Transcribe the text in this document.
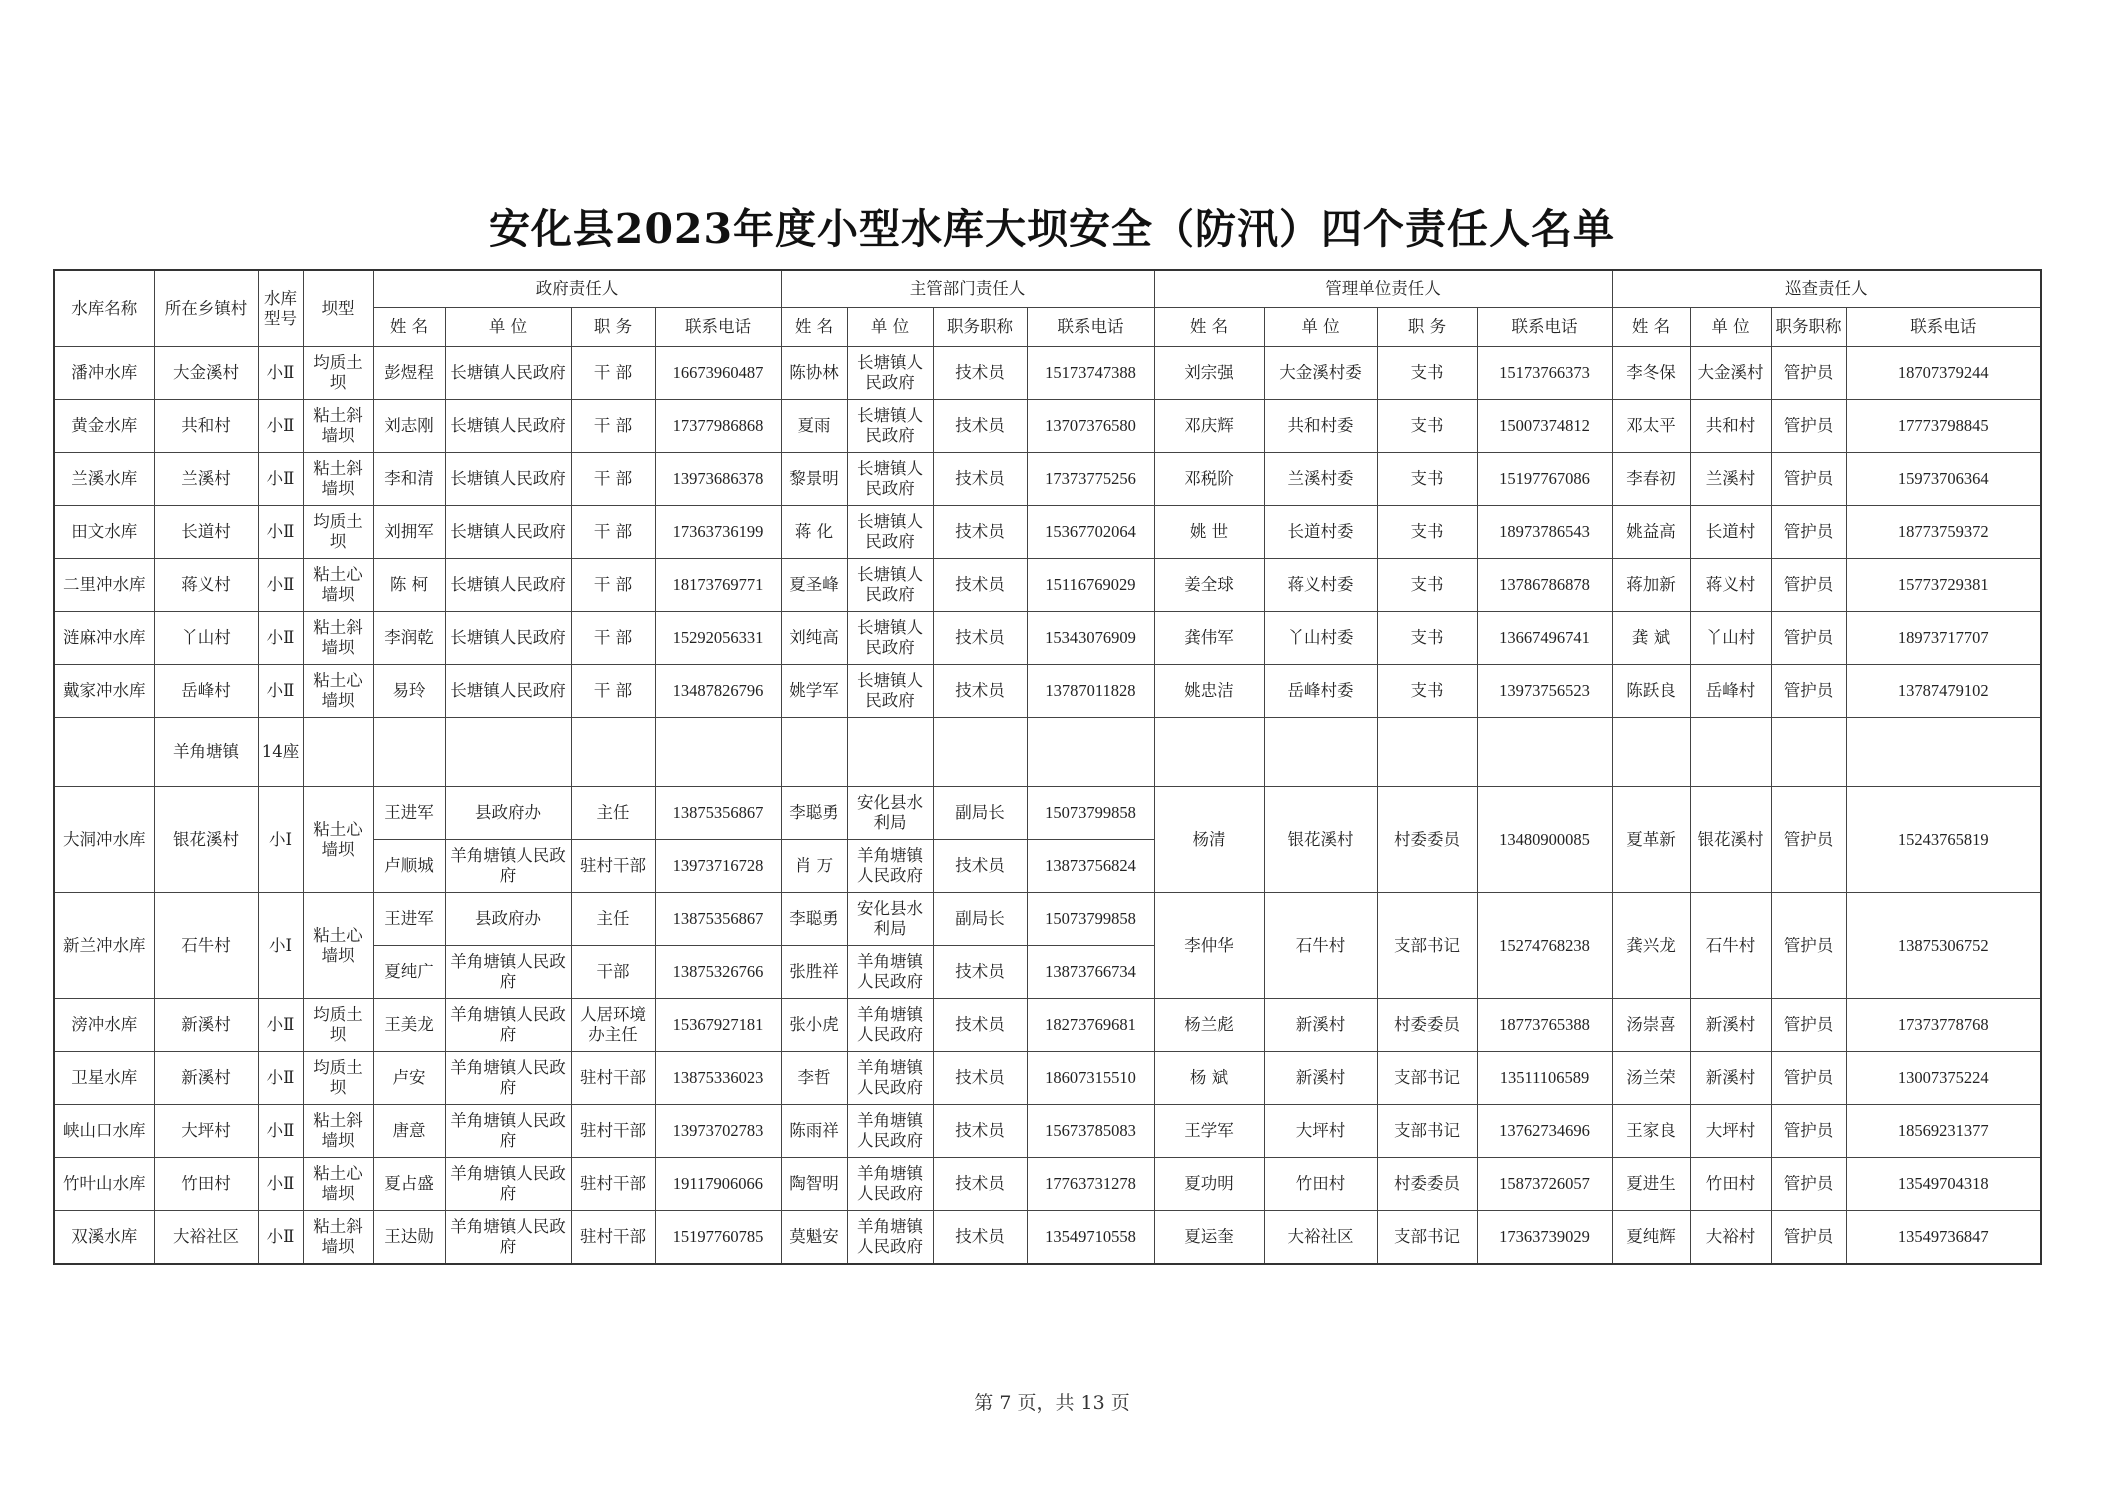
安化县2023年度小型水库大坝安全（防汛）四个责任人名单
水库名称	所在乡镇村	水库型号	坝型	政府责任人				主管部门责任人				管理单位责任人				巡查责任人			
				姓 名	单 位	职 务	联系电话	姓 名	单 位	职务职称	联系电话	姓 名	单 位	职 务	联系电话	姓 名	单 位	职务职称	联系电话
潘冲水库	大金溪村	小Ⅱ	均质土坝	彭煜程	长塘镇人民政府	干 部	16673960487	陈协林	长塘镇人民政府	技术员	15173747388	刘宗强	大金溪村委	支书	15173766373	李冬保	大金溪村	管护员	18707379244
黄金水库	共和村	小Ⅱ	粘土斜墙坝	刘志刚	长塘镇人民政府	干 部	17377986868	夏雨	长塘镇人民政府	技术员	13707376580	邓庆辉	共和村委	支书	15007374812	邓太平	共和村	管护员	17773798845
兰溪水库	兰溪村	小Ⅱ	粘土斜墙坝	李和清	长塘镇人民政府	干 部	13973686378	黎景明	长塘镇人民政府	技术员	17373775256	邓税阶	兰溪村委	支书	15197767086	李春初	兰溪村	管护员	15973706364
田文水库	长道村	小Ⅱ	均质土坝	刘拥军	长塘镇人民政府	干 部	17363736199	蒋 化	长塘镇人民政府	技术员	15367702064	姚 世	长道村委	支书	18973786543	姚益高	长道村	管护员	18773759372
二里冲水库	蒋义村	小Ⅱ	粘土心墙坝	陈 柯	长塘镇人民政府	干 部	18173769771	夏圣峰	长塘镇人民政府	技术员	15116769029	姜全球	蒋义村委	支书	13786786878	蒋加新	蒋义村	管护员	15773729381
涟麻冲水库	丫山村	小Ⅱ	粘土斜墙坝	李润乾	长塘镇人民政府	干 部	15292056331	刘纯高	长塘镇人民政府	技术员	15343076909	龚伟军	丫山村委	支书	13667496741	龚 斌	丫山村	管护员	18973717707
戴家冲水库	岳峰村	小Ⅱ	粘土心墙坝	易玲	长塘镇人民政府	干 部	13487826796	姚学军	长塘镇人民政府	技术员	13787011828	姚忠洁	岳峰村委	支书	13973756523	陈跃良	岳峰村	管护员	13787479102
	羊角塘镇	14座																	
大洞冲水库	银花溪村	小Ⅰ	粘土心墙坝	王进军	县政府办	主任	13875356867	李聪勇	安化县水利局	副局长	15073799858	杨清	银花溪村	村委委员	13480900085	夏革新	银花溪村	管护员	15243765819
				卢顺城	羊角塘镇人民政府	驻村干部	13973716728	肖 万	羊角塘镇人民政府	技术员	13873756824								
新兰冲水库	石牛村	小Ⅰ	粘土心墙坝	王进军	县政府办	主任	13875356867	李聪勇	安化县水利局	副局长	15073799858	李仲华	石牛村	支部书记	15274768238	龚兴龙	石牛村	管护员	13875306752
				夏纯广	羊角塘镇人民政府	干部	13875326766	张胜祥	羊角塘镇人民政府	技术员	13873766734								
滂冲水库	新溪村	小Ⅱ	均质土坝	王美龙	羊角塘镇人民政府	人居环境办主任	15367927181	张小虎	羊角塘镇人民政府	技术员	18273769681	杨兰彪	新溪村	村委委员	18773765388	汤崇喜	新溪村	管护员	17373778768
卫星水库	新溪村	小Ⅱ	均质土坝	卢安	羊角塘镇人民政府	驻村干部	13875336023	李哲	羊角塘镇人民政府	技术员	18607315510	杨 斌	新溪村	支部书记	13511106589	汤兰荣	新溪村	管护员	13007375224
峡山口水库	大坪村	小Ⅱ	粘土斜墙坝	唐意	羊角塘镇人民政府	驻村干部	13973702783	陈雨祥	羊角塘镇人民政府	技术员	15673785083	王学军	大坪村	支部书记	13762734696	王家良	大坪村	管护员	18569231377
竹叶山水库	竹田村	小Ⅱ	粘土心墙坝	夏占盛	羊角塘镇人民政府	驻村干部	19117906066	陶智明	羊角塘镇人民政府	技术员	17763731278	夏功明	竹田村	村委委员	15873726057	夏进生	竹田村	管护员	13549704318
双溪水库	大裕社区	小Ⅱ	粘土斜墙坝	王达勋	羊角塘镇人民政府	驻村干部	15197760785	莫魁安	羊角塘镇人民政府	技术员	13549710558	夏运奎	大裕社区	支部书记	17363739029	夏纯辉	大裕村	管护员	13549736847
第 7 页，共 13 页
